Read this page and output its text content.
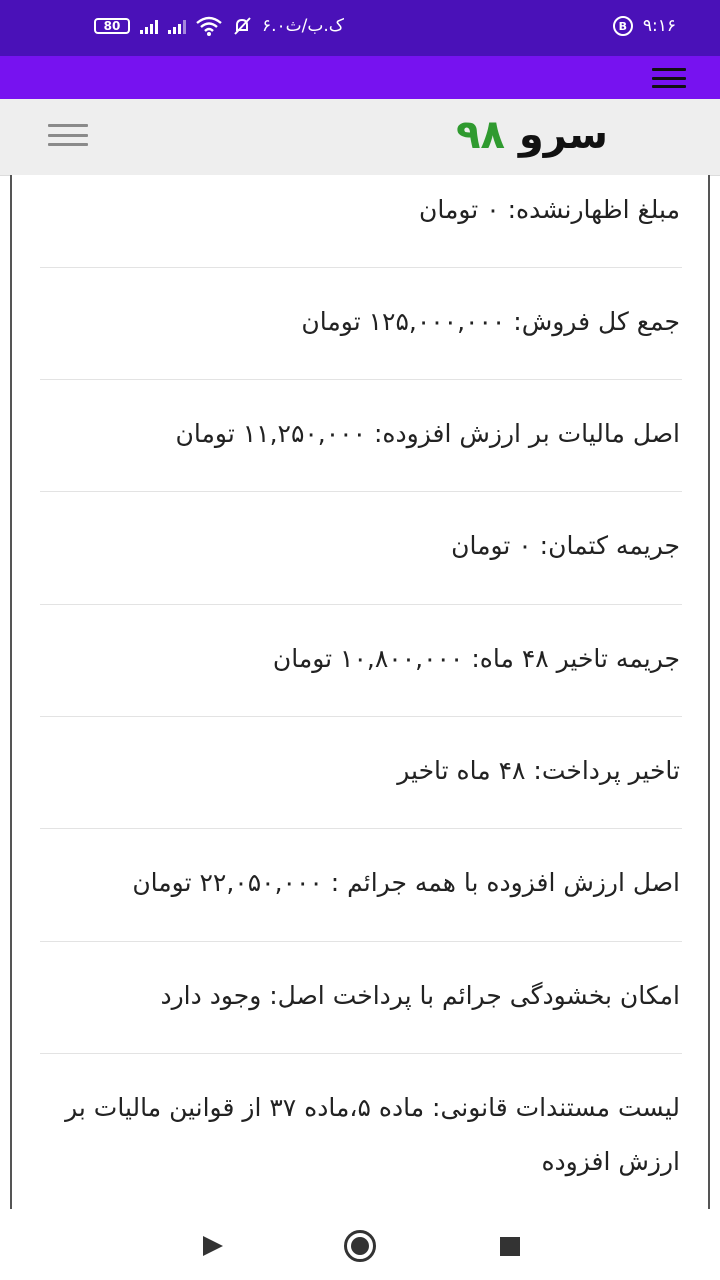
80	۶.۰ک.ب/ث	B ۹:۱۶
سرو ۹۸
مبلغ اظهارنشده: ۰ تومان
جمع کل فروش: ۱۲۵,۰۰۰,۰۰۰ تومان
اصل مالیات بر ارزش افزوده: ۱۱,۲۵۰,۰۰۰ تومان
جریمه کتمان: ۰ تومان
جریمه تاخیر ۴۸ ماه: ۱۰,۸۰۰,۰۰۰ تومان
تاخیر پرداخت: ۴۸ ماه تاخیر
اصل ارزش افزوده با همه جرائم : ۲۲,۰۵۰,۰۰۰ تومان
امکان بخشودگی جرائم با پرداخت اصل: وجود دارد
لیست مستندات قانونی: ماده ۵،ماده ۳۷ از قوانین مالیات بر ارزش افزوده
